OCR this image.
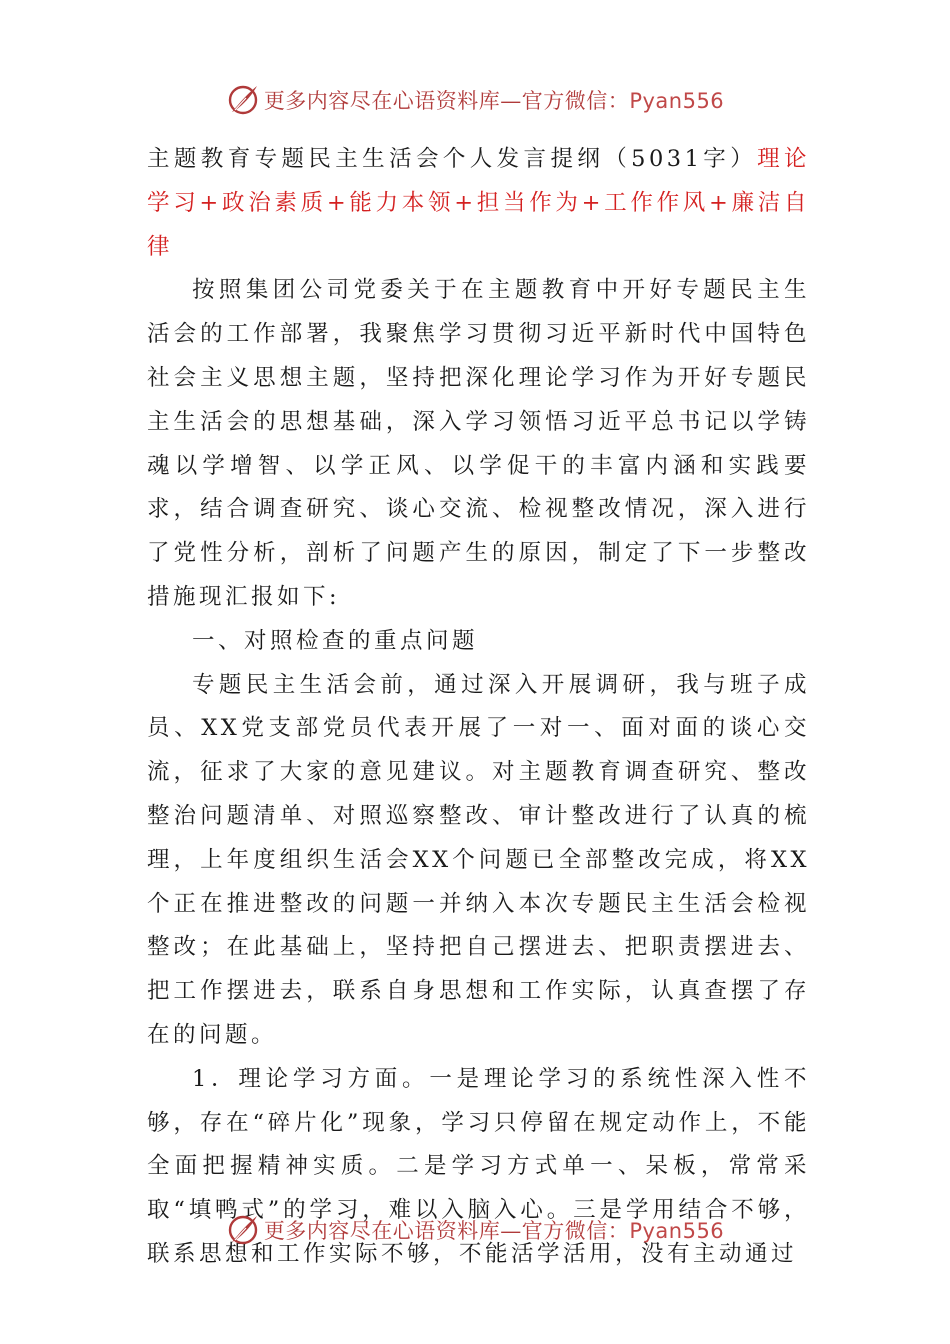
更多内容尽在心语资料库—官方微信：Pyan556

主题教育专题民主生活会个人发言提纲（5031字）理论学习+政治素质+能力本领+担当作为+工作作风+廉洁自律

按照集团公司党委关于在主题教育中开好专题民主生活会的工作部署，我聚焦学习贯彻习近平新时代中国特色社会主义思想主题，坚持把深化理论学习作为开好专题民主生活会的思想基础，深入学习领悟习近平总书记以学铸魂以学增智、以学正风、以学促干的丰富内涵和实践要求，结合调查研究、谈心交流、检视整改情况，深入进行了党性分析，剖析了问题产生的原因，制定了下一步整改措施现汇报如下:

一、对照检查的重点问题

专题民主生活会前，通过深入开展调研，我与班子成员、XX党支部党员代表开展了一对一、面对面的谈心交流，征求了大家的意见建议。对主题教育调查研究、整改整治问题清单、对照巡察整改、审计整改进行了认真的梳理，上年度组织生活会XX个问题已全部整改完成，将XX个正在推进整改的问题一并纳入本次专题民主生活会检视整改；在此基础上，坚持把自己摆进去、把职责摆进去、把工作摆进去，联系自身思想和工作实际，认真查摆了存在的问题。

1．理论学习方面。一是理论学习的系统性深入性不够，存在“碎片化”现象，学习只停留在规定动作上，不能全面把握精神实质。二是学习方式单一、呆板，常常采取“填鸭式”的学习，难以入脑入心。三是学用结合不够，联系思想和工作实际不够，不能活学活用，没有主动通过

更多内容尽在心语资料库—官方微信：Pyan556
